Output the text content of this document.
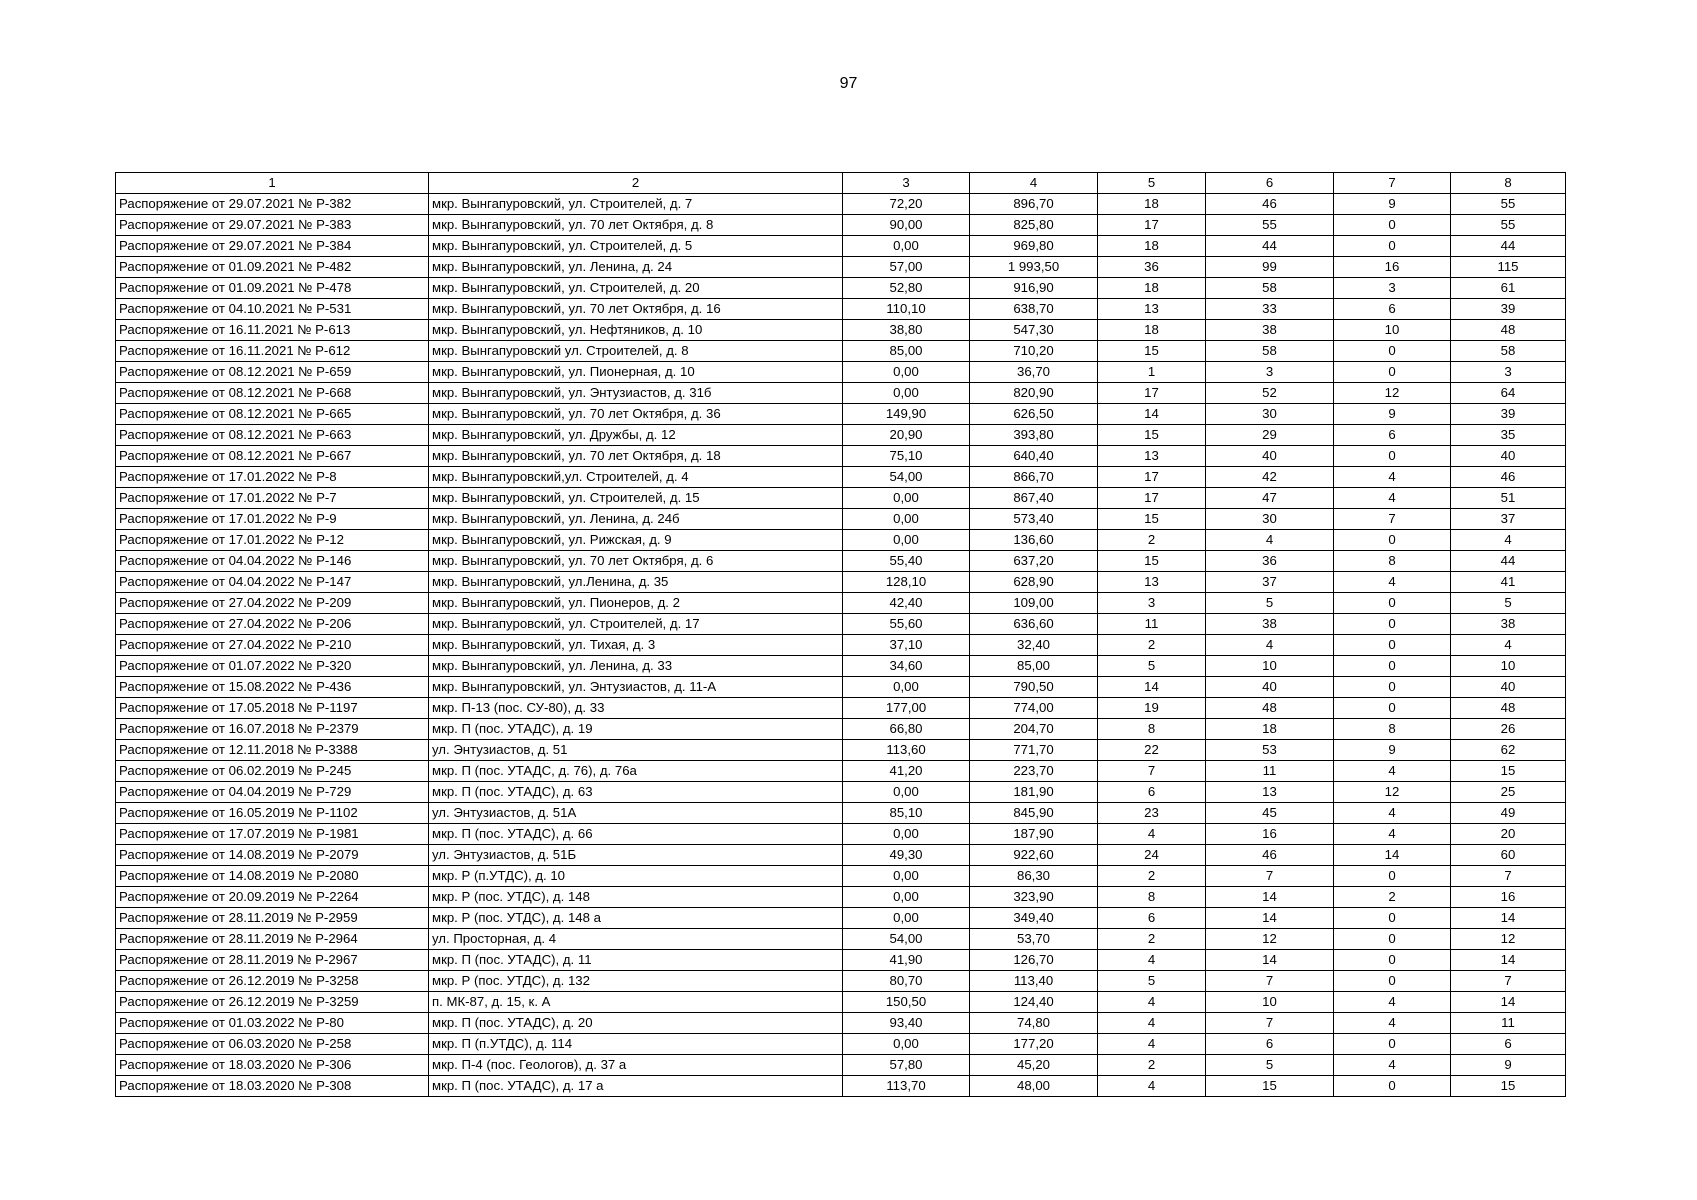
97
1	2	3	4	5	6	7	8
Распоряжение от 29.07.2021 № Р-382	мкр. Вынгапуровский, ул. Строителей, д. 7	72,20	896,70	18	46	9	55
Распоряжение от 29.07.2021 № Р-383	мкр. Вынгапуровский, ул. 70 лет Октября, д. 8	90,00	825,80	17	55	0	55
Распоряжение от 29.07.2021 № Р-384	мкр. Вынгапуровский, ул. Строителей, д. 5	0,00	969,80	18	44	0	44
Распоряжение от 01.09.2021 № Р-482	мкр. Вынгапуровский, ул. Ленина, д. 24	57,00	1 993,50	36	99	16	115
Распоряжение от 01.09.2021 № Р-478	мкр. Вынгапуровский, ул. Строителей, д. 20	52,80	916,90	18	58	3	61
Распоряжение от 04.10.2021 № Р-531	мкр. Вынгапуровский, ул. 70 лет Октября, д. 16	110,10	638,70	13	33	6	39
Распоряжение от 16.11.2021 № Р-613	мкр. Вынгапуровский, ул. Нефтяников, д. 10	38,80	547,30	18	38	10	48
Распоряжение от 16.11.2021 № Р-612	мкр. Вынгапуровский ул. Строителей, д. 8	85,00	710,20	15	58	0	58
Распоряжение от 08.12.2021 № Р-659	мкр. Вынгапуровский, ул. Пионерная, д. 10	0,00	36,70	1	3	0	3
Распоряжение от 08.12.2021 № Р-668	мкр. Вынгапуровский, ул. Энтузиастов, д. 31б	0,00	820,90	17	52	12	64
Распоряжение от 08.12.2021 № Р-665	мкр. Вынгапуровский, ул. 70 лет Октября, д. 36	149,90	626,50	14	30	9	39
Распоряжение от 08.12.2021 № Р-663	мкр. Вынгапуровский, ул. Дружбы, д. 12	20,90	393,80	15	29	6	35
Распоряжение от 08.12.2021 № Р-667	мкр. Вынгапуровский, ул. 70 лет Октября, д. 18	75,10	640,40	13	40	0	40
Распоряжение от 17.01.2022 № Р-8	мкр. Вынгапуровский,ул. Строителей, д. 4	54,00	866,70	17	42	4	46
Распоряжение от 17.01.2022 № Р-7	мкр. Вынгапуровский, ул. Строителей, д. 15	0,00	867,40	17	47	4	51
Распоряжение от 17.01.2022 № Р-9	мкр. Вынгапуровский, ул. Ленина, д. 24б	0,00	573,40	15	30	7	37
Распоряжение от 17.01.2022 № Р-12	мкр. Вынгапуровский, ул. Рижская, д. 9	0,00	136,60	2	4	0	4
Распоряжение от 04.04.2022 № Р-146	мкр. Вынгапуровский, ул. 70 лет Октября, д. 6	55,40	637,20	15	36	8	44
Распоряжение от 04.04.2022 № Р-147	мкр. Вынгапуровский, ул.Ленина, д. 35	128,10	628,90	13	37	4	41
Распоряжение от 27.04.2022 № Р-209	мкр. Вынгапуровский, ул. Пионеров, д. 2	42,40	109,00	3	5	0	5
Распоряжение от 27.04.2022 № Р-206	мкр. Вынгапуровский, ул. Строителей, д. 17	55,60	636,60	11	38	0	38
Распоряжение от 27.04.2022 № Р-210	мкр. Вынгапуровский, ул. Тихая, д. 3	37,10	32,40	2	4	0	4
Распоряжение от 01.07.2022 № Р-320	мкр. Вынгапуровский, ул. Ленина, д. 33	34,60	85,00	5	10	0	10
Распоряжение от 15.08.2022 № Р-436	мкр. Вынгапуровский, ул. Энтузиастов, д. 11-А	0,00	790,50	14	40	0	40
Распоряжение от 17.05.2018 № Р-1197	мкр. П-13 (пос. СУ-80), д. 33	177,00	774,00	19	48	0	48
Распоряжение от 16.07.2018 № Р-2379	мкр. П (пос. УТАДС), д. 19	66,80	204,70	8	18	8	26
Распоряжение от 12.11.2018 № Р-3388	ул. Энтузиастов, д. 51	113,60	771,70	22	53	9	62
Распоряжение от 06.02.2019 № Р-245	мкр. П (пос. УТАДС, д. 76), д. 76а	41,20	223,70	7	11	4	15
Распоряжение от 04.04.2019 № Р-729	мкр. П (пос. УТАДС), д. 63	0,00	181,90	6	13	12	25
Распоряжение от 16.05.2019 № Р-1102	ул. Энтузиастов, д. 51А	85,10	845,90	23	45	4	49
Распоряжение от 17.07.2019 № Р-1981	мкр. П (пос. УТАДС), д. 66	0,00	187,90	4	16	4	20
Распоряжение от 14.08.2019 № Р-2079	ул. Энтузиастов, д. 51Б	49,30	922,60	24	46	14	60
Распоряжение от 14.08.2019 № Р-2080	мкр. Р (п.УТДС), д. 10	0,00	86,30	2	7	0	7
Распоряжение от 20.09.2019 № Р-2264	мкр. Р (пос. УТДС), д. 148	0,00	323,90	8	14	2	16
Распоряжение от 28.11.2019 № Р-2959	мкр. Р (пос. УТДС), д. 148 а	0,00	349,40	6	14	0	14
Распоряжение от 28.11.2019 № Р-2964	ул. Просторная, д. 4	54,00	53,70	2	12	0	12
Распоряжение от 28.11.2019 № Р-2967	мкр. П (пос. УТАДС), д. 11	41,90	126,70	4	14	0	14
Распоряжение от 26.12.2019 № Р-3258	мкр. Р (пос. УТДС), д. 132	80,70	113,40	5	7	0	7
Распоряжение от 26.12.2019 № Р-3259	п. МК-87, д. 15, к. А	150,50	124,40	4	10	4	14
Распоряжение от 01.03.2022 № Р-80	мкр. П (пос. УТАДС), д. 20	93,40	74,80	4	7	4	11
Распоряжение от 06.03.2020 № Р-258	мкр. П (п.УТДС), д. 114	0,00	177,20	4	6	0	6
Распоряжение от 18.03.2020 № Р-306	мкр. П-4 (пос. Геологов), д. 37 а	57,80	45,20	2	5	4	9
Распоряжение от 18.03.2020 № Р-308	мкр. П (пос. УТАДС), д. 17 а	113,70	48,00	4	15	0	15
